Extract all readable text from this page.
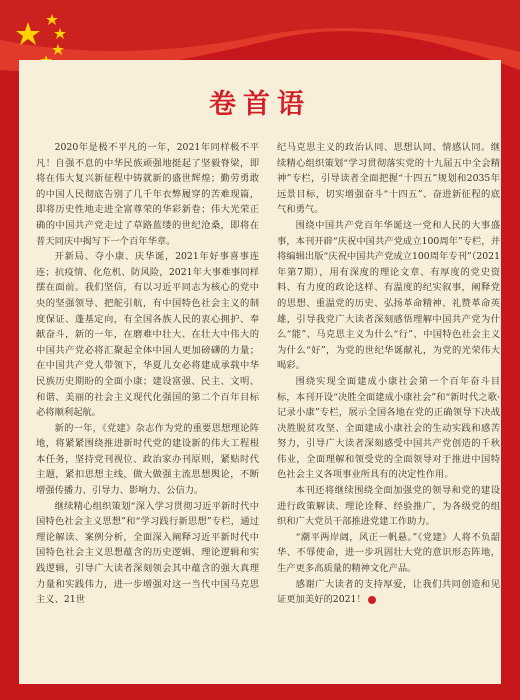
卷首语

2020年是极不平凡的一年，2021年同样极不平凡！自强不息的中华民族顽强地挺起了坚毅脊梁，即将在伟大复兴新征程中铸就新的盛世辉煌；勤劳勇敢的中国人民彻底告别了几千年衣弊履穿的苦难现篇，即将历史性地走进全富尊荣的华彩新卷；伟大光荣正确的中国共产党走过了草路蓝缕的世纪沧桑，即将在普天同庆中揭写下一个百年华章。

开新局、夺小康、庆华诞，2021年好事喜事连连；抗疫情、化危机、防风险，2021年大事难事同样摆在面前。我们坚信，有以习近平同志为核心的党中央的坚强领导、把舵引航，有中国特色社会主义的制度保证、蓬基定向，有全国各族人民的衷心拥护、奉献奋斗，新的一年，在磨难中壮大、在壮大中伟大的中国共产党必将汇聚起全体中国人更加磅礴的力量；在中国共产党人带领下，华夏儿女必将建成承载中华民族历史期盼的全面小康；建设富强、民主、文明、和谐、美丽的社会主义现代化强国的第二个百年目标必将顺利起航。

新的一年，《党建》杂志作为党的重要思想理论阵地，将紧紧围绕推进新时代党的建设新的伟大工程根本任务，坚持党刊视位、政治家办刊原则，紧贴时代主题，紧扣思想主线，做大做强主流思想舆论，不断增强传播力、引导力、影响力、公信力。

继续精心组织策划“深入学习贯彻习近平新时代中国特色社会主义思想”和“学习践行新思想”专栏，通过理论解读、案例分析，全面深入阐释习近平新时代中国特色社会主义思想蕴含的历史逻辑、理论逻辑和实践逻辑，引导广大读者深刻领会其中蕴含的强大真理力量和实践伟力，进一步增强对这一当代中国马克思主义、21世

纪马克思主义的政治认同、思想认同、情感认同。继续精心组织策划“学习贯彻落实党的十九届五中全会精神”专栏，引导读者全面把握“十四五”规划和2035年远景目标，切实增强奋斗“十四五”、奋进新征程的底气和勇气。

围绕中国共产党百年华诞这一党和人民的大事盛事，本刊开辟“庆祝中国共产党成立100周年”专栏，并将编辑出版“庆祝中国共产党成立100周年专刊”（2021年第7期），用有深度的理论文章、有厚度的党史资料、有力度的政论这样、有温度的纪实叙事，阐释党的思想、重温党的历史、弘扬革命精神、礼赞革命英雄，引导我党广大读者深刻感悟理解中国共产党为什么“能”、马克思主义为什么“行”、中国特色社会主义为什么“好”，为党的世纪华诞献礼，为党的光荣伟大喝彩。

围绕实现全面建成小康社会第一个百年奋斗目标，本刊开设“决胜全面建成小康社会”和“新时代之歌·记录小康”专栏，展示全国各地在党的正确领导下决战决胜脱贫攻坚、全面建成小康社会的生动实践和感苦努力，引导广大读者深刻感受中国共产党创造的千秋伟业，全面理解和领受党的全面领导对于推进中国特色社会主义各项事业所具有的决定性作用。

本刊还将继续围绕全面加强党的领导和党的建设进行政策解读、理论诠释、经验推广，为各级党的组织和广大党员干部推进党建工作助力。

“潮平两岸阔，风正一帆悬。”《党建》人将不负韶华、不辱使命，进一步巩固壮大党的意识形态阵地，生产更多高质量的精神文化产品。

感谢广大读者的支持厚爱，让我们共同创造和见证更加美好的2021！
